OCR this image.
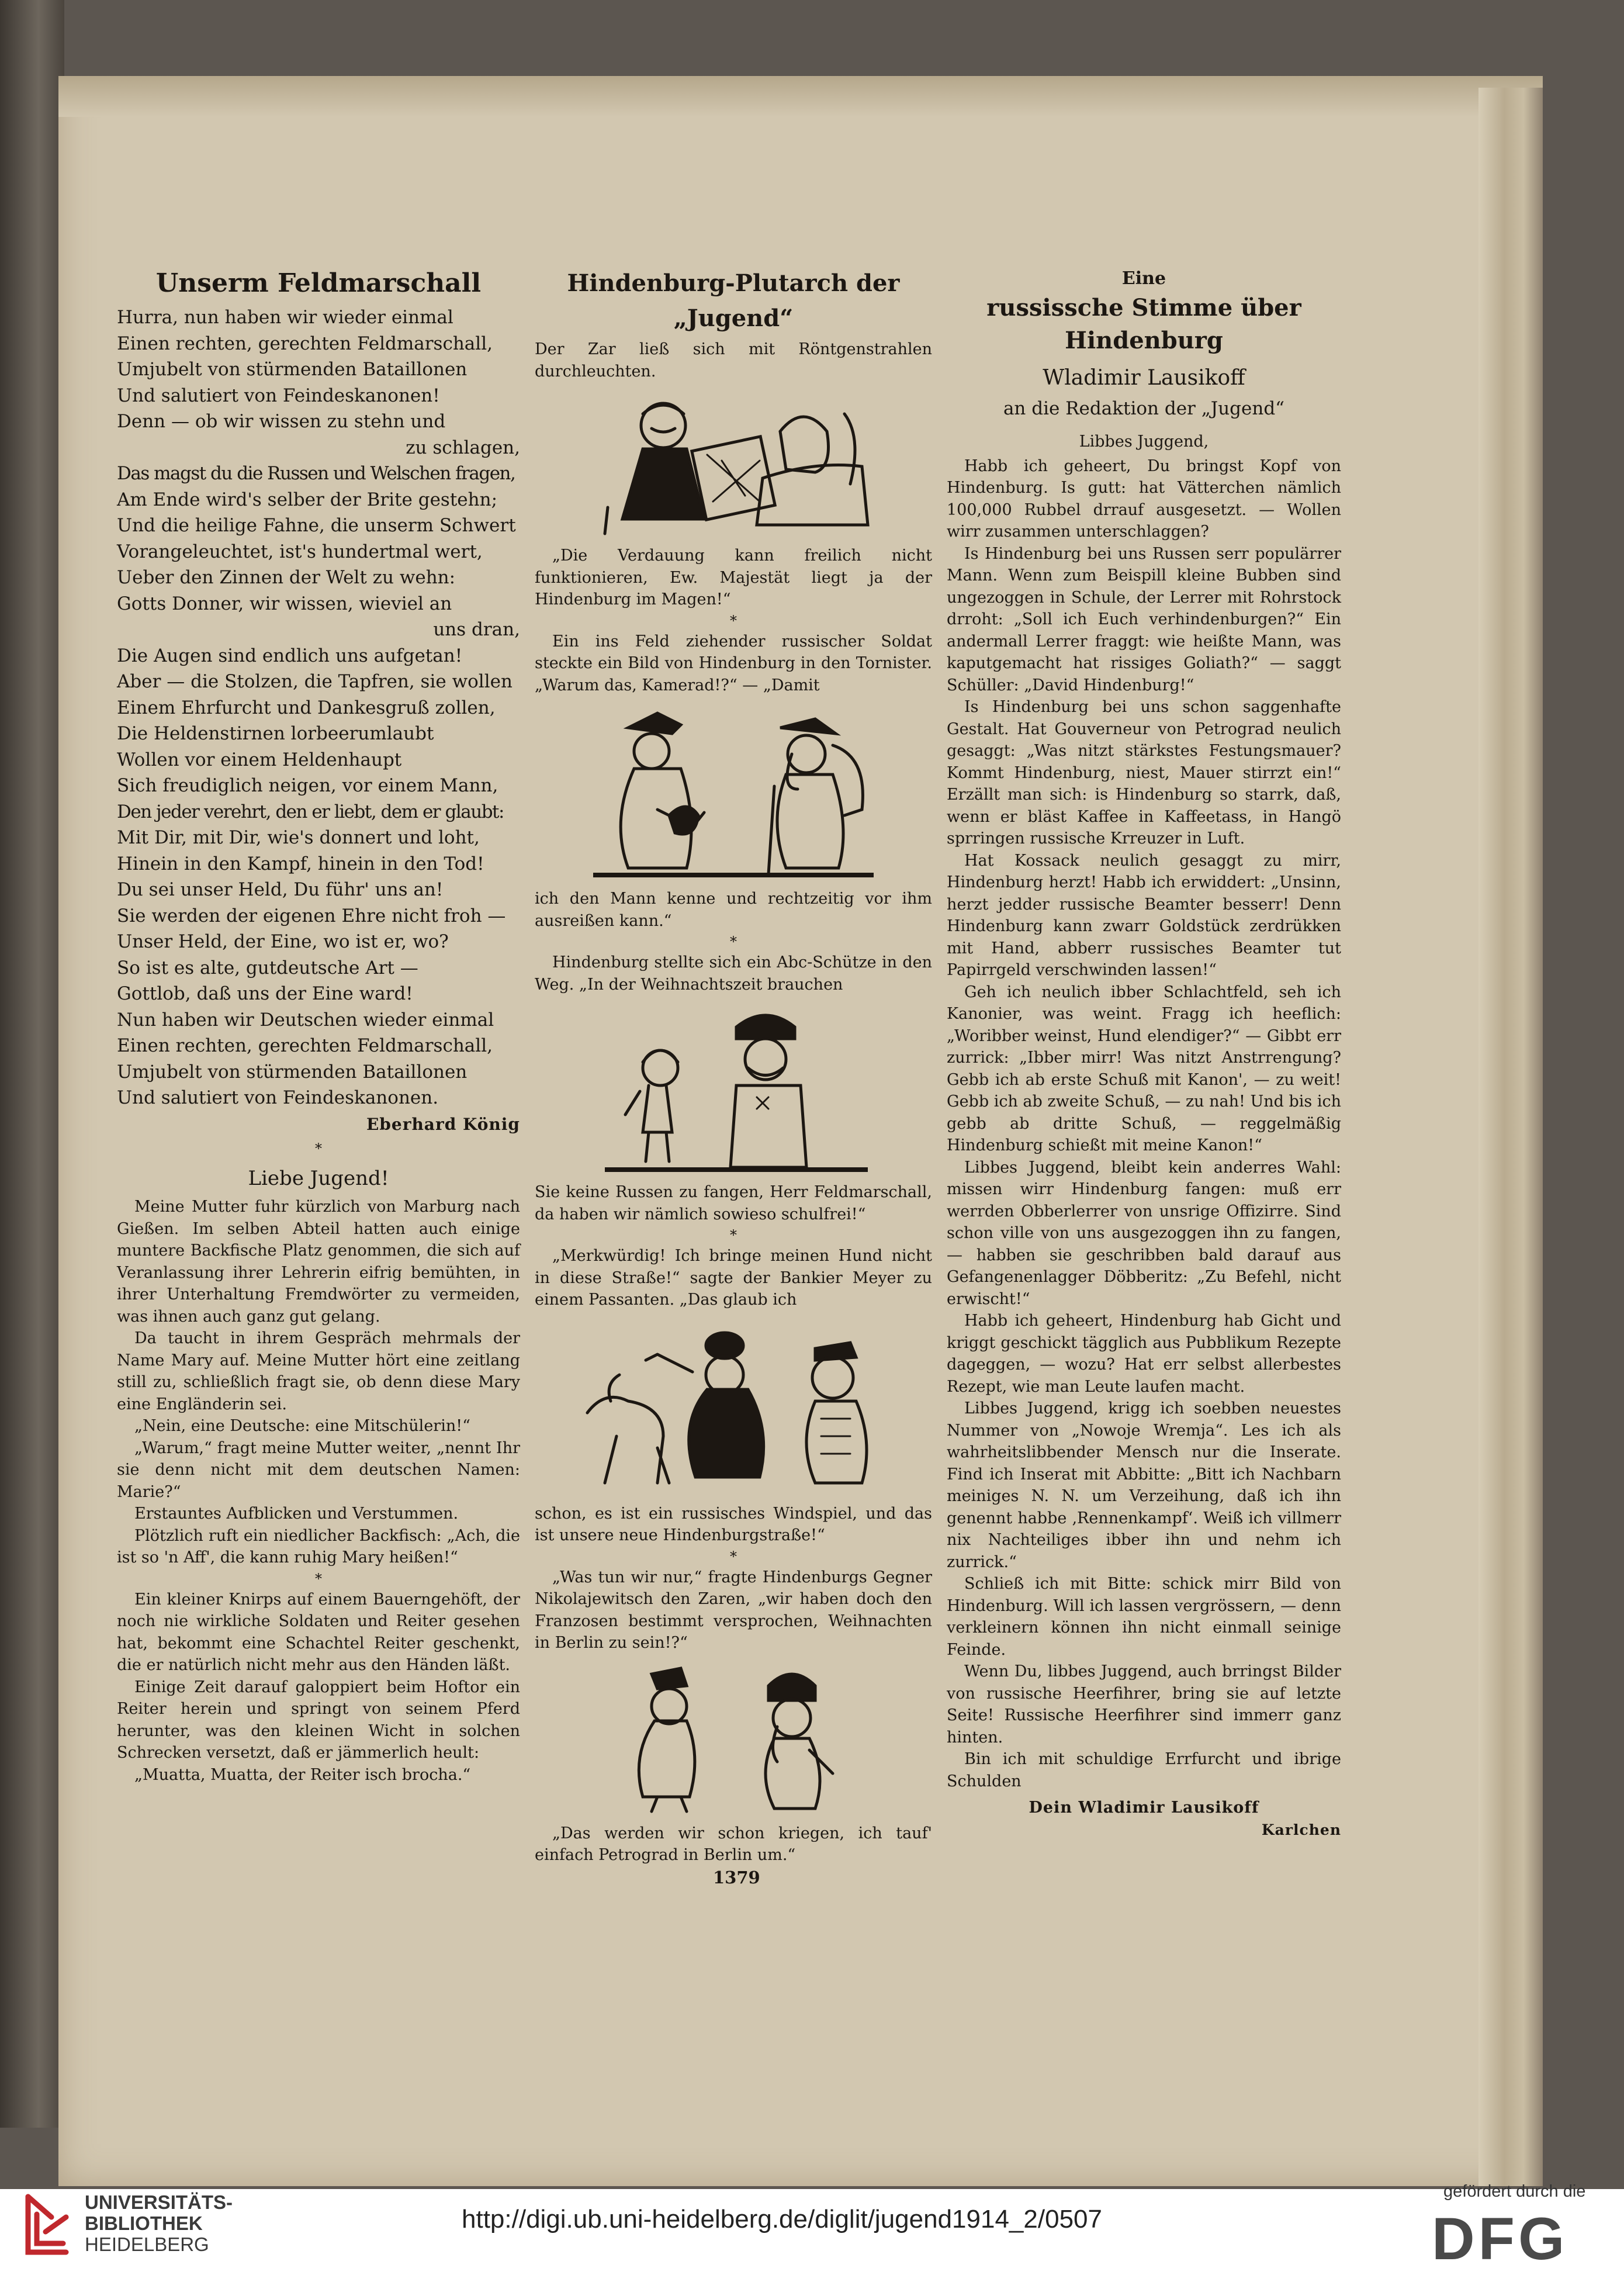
Unserm Feldmarschall

Hurra, nun haben wir wieder einmal

Einen rechten, gerechten Feldmarschall,

Umjubelt von stürmenden Bataillonen

Und salutiert von Feindeskanonen!

Denn — ob wir wissen zu stehn und

zu schlagen,

Das magst du die Russen und Welschen fragen,

Am Ende wird's selber der Brite gestehn;

Und die heilige Fahne, die unserm Schwert

Vorangeleuchtet, ist's hundertmal wert,

Ueber den Zinnen der Welt zu wehn:

Gotts Donner, wir wissen, wieviel an

uns dran,

Die Augen sind endlich uns aufgetan!

Aber — die Stolzen, die Tapfren, sie wollen

Einem Ehrfurcht und Dankesgruß zollen,

Die Heldenstirnen lorbeerumlaubt

Wollen vor einem Heldenhaupt

Sich freudiglich neigen, vor einem Mann,

Den jeder verehrt, den er liebt, dem er glaubt:

Mit Dir, mit Dir, wie's donnert und loht,

Hinein in den Kampf, hinein in den Tod!

Du sei unser Held, Du führ' uns an!

Sie werden der eigenen Ehre nicht froh —

Unser Held, der Eine, wo ist er, wo?

So ist es alte, gutdeutsche Art —

Gottlob, daß uns der Eine ward!

Nun haben wir Deutschen wieder einmal

Einen rechten, gerechten Feldmarschall,

Umjubelt von stürmenden Bataillonen

Und salutiert von Feindeskanonen.

Eberhard König

*

Liebe Jugend!

Meine Mutter fuhr kürzlich von Marburg nach Gießen. Im selben Abteil hatten auch einige muntere Backfische Platz genommen, die sich auf Veranlassung ihrer Lehrerin eifrig bemühten, in ihrer Unterhaltung Fremdwörter zu vermeiden, was ihnen auch ganz gut gelang.

Da taucht in ihrem Gespräch mehrmals der Name Mary auf. Meine Mutter hört eine zeitlang still zu, schließlich fragt sie, ob denn diese Mary eine Engländerin sei.

„Nein, eine Deutsche: eine Mitschülerin!“

„Warum,“ fragt meine Mutter weiter, „nennt Ihr sie denn nicht mit dem deutschen Namen: Marie?“

Erstauntes Aufblicken und Verstummen.

Plötzlich ruft ein niedlicher Backfisch: „Ach, die ist so 'n Aff', die kann ruhig Mary heißen!“

*

Ein kleiner Knirps auf einem Bauerngehöft, der noch nie wirkliche Soldaten und Reiter gesehen hat, bekommt eine Schachtel Reiter geschenkt, die er natürlich nicht mehr aus den Händen läßt.

Einige Zeit darauf galoppiert beim Hoftor ein Reiter herein und springt von seinem Pferd herunter, was den kleinen Wicht in solchen Schrecken versetzt, daß er jämmerlich heult:

„Muatta, Muatta, der Reiter isch brocha.“

Hindenburg-Plutarch der „Jugend“

Der Zar ließ sich mit Röntgenstrahlen durchleuchten.

„Die Verdauung kann freilich nicht funktionieren, Ew. Majestät liegt ja der Hindenburg im Magen!“

*

Ein ins Feld ziehender russischer Soldat steckte ein Bild von Hindenburg in den Tornister. „Warum das, Kamerad!?“ — „Damit

ich den Mann kenne und rechtzeitig vor ihm ausreißen kann.“

*

Hindenburg stellte sich ein Abc-Schütze in den Weg. „In der Weihnachtszeit brauchen

Sie keine Russen zu fangen, Herr Feldmarschall, da haben wir nämlich sowieso schulfrei!“

*

„Merkwürdig! Ich bringe meinen Hund nicht in diese Straße!“ sagte der Bankier Meyer zu einem Passanten. „Das glaub ich

schon, es ist ein russisches Windspiel, und das ist unsere neue Hindenburgstraße!“

*

„Was tun wir nur,“ fragte Hindenburgs Gegner Nikolajewitsch den Zaren, „wir haben doch den Franzosen bestimmt versprochen, Weihnachten in Berlin zu sein!?“

„Das werden wir schon kriegen, ich tauf' einfach Petrograd in Berlin um.“

Eine

russissche Stimme über Hindenburg

Wladimir Lausikoff

an die Redaktion der „Jugend“

Libbes Juggend,

Habb ich geheert, Du bringst Kopf von Hindenburg. Is gutt: hat Vätterchen nämlich 100,000 Rubbel drrauf ausgesetzt. — Wollen wirr zusammen unterschlaggen?

Is Hindenburg bei uns Russen serr populärrer Mann. Wenn zum Beispill kleine Bubben sind ungezoggen in Schule, der Lerrer mit Rohrstock drroht: „Soll ich Euch verhindenburgen?“ Ein andermall Lerrer fraggt: wie heißte Mann, was kaputgemacht hat rissiges Goliath?“ — saggt Schüller: „David Hindenburg!“

Is Hindenburg bei uns schon saggenhafte Gestalt. Hat Gouverneur von Petrograd neulich gesaggt: „Was nitzt stärkstes Festungsmauer? Kommt Hindenburg, niest, Mauer stirrzt ein!“ Erzällt man sich: is Hindenburg so starrk, daß, wenn er bläst Kaffee in Kaffeetass, in Hangö sprringen russische Krreuzer in Luft.

Hat Kossack neulich gesaggt zu mirr, Hindenburg herzt! Habb ich erwiddert: „Unsinn, herzt jedder russische Beamter besserr! Denn Hindenburg kann zwarr Goldstück zerdrükken mit Hand, abberr russisches Beamter tut Papirrgeld verschwinden lassen!“

Geh ich neulich ibber Schlachtfeld, seh ich Kanonier, was weint. Fragg ich heeflich: „Woribber weinst, Hund elendiger?“ — Gibbt err zurrick: „Ibber mirr! Was nitzt Anstrrengung? Gebb ich ab erste Schuß mit Kanon', — zu weit! Gebb ich ab zweite Schuß, — zu nah! Und bis ich gebb ab dritte Schuß, — reggelmäßig Hindenburg schießt mit meine Kanon!“

Libbes Juggend, bleibt kein anderres Wahl: missen wirr Hindenburg fangen: muß err werrden Obberlerrer von unsrige Offizirre. Sind schon ville von uns ausgezoggen ihn zu fangen, — habben sie geschribben bald darauf aus Gefangenenlagger Döbberitz: „Zu Befehl, nicht erwischt!“

Habb ich geheert, Hindenburg hab Gicht und kriggt geschickt tägglich aus Pubblikum Rezepte dageggen, — wozu? Hat err selbst allerbestes Rezept, wie man Leute laufen macht.

Libbes Juggend, krigg ich soebben neuestes Nummer von „Nowoje Wremja“. Les ich als wahrheitslibbender Mensch nur die Inserate. Find ich Inserat mit Abbitte: „Bitt ich Nachbarn meiniges N. N. um Verzeihung, daß ich ihn genennt habbe ‚Rennenkampf‘. Weiß ich villmerr nix Nachteiliges ibber ihn und nehm ich zurrick.“

Schließ ich mit Bitte: schick mirr Bild von Hindenburg. Will ich lassen vergrössern, — denn verkleinern können ihn nicht einmall seinige Feinde.

Wenn Du, libbes Juggend, auch brringst Bilder von russische Heerfihrer, bring sie auf letzte Seite! Russische Heerfihrer sind immerr ganz hinten.

Bin ich mit schuldige Errfurcht und ibrige Schulden

Dein Wladimir Lausikoff

Karlchen

1379
UNIVERSITÄTS-
BIBLIOTHEK
HEIDELBERG
http://digi.ub.uni-heidelberg.de/diglit/jugend1914_2/0507
gefördert durch die
DFG
